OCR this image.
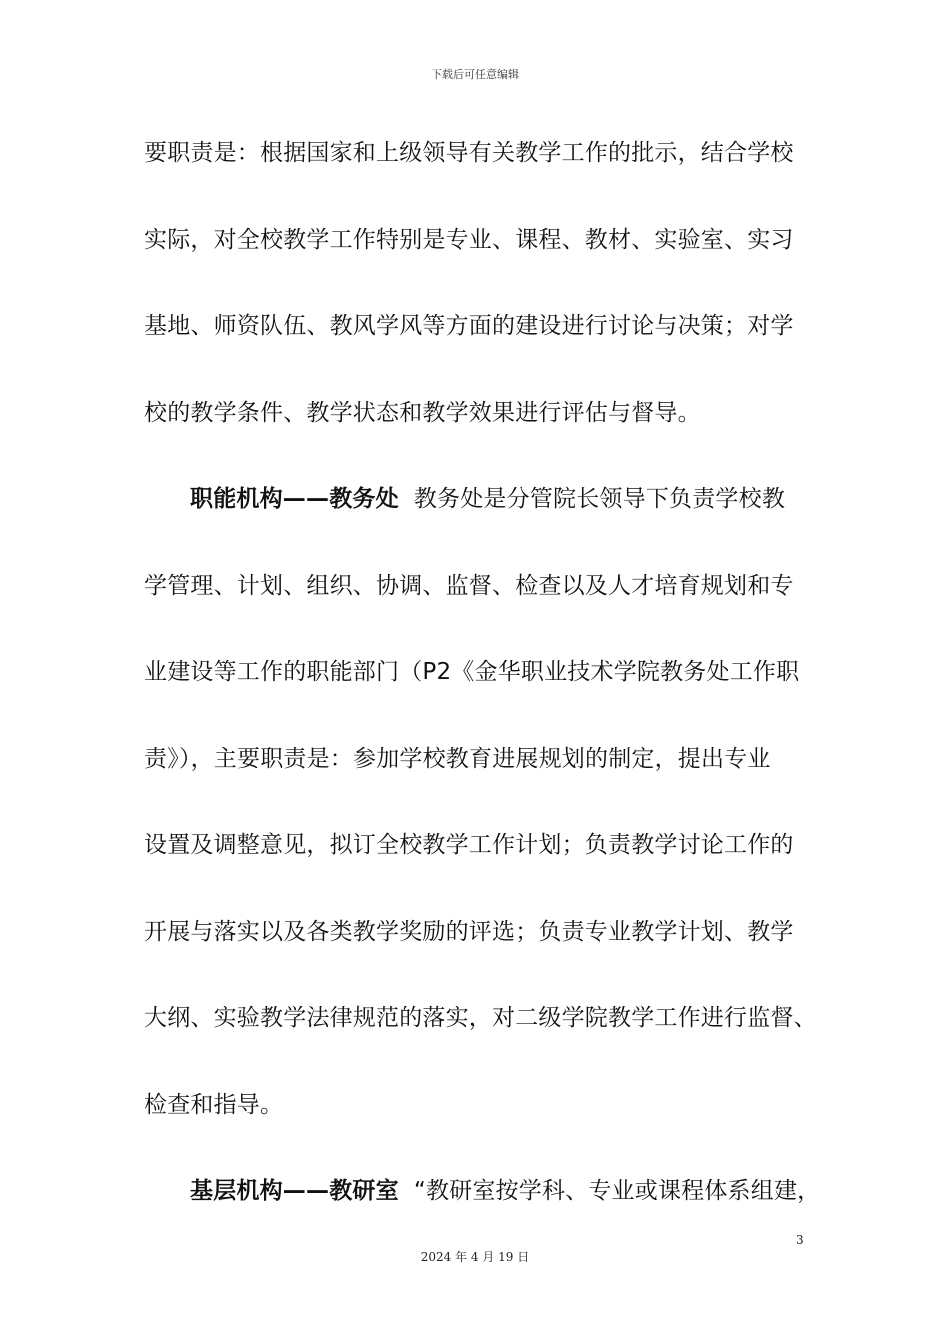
下载后可任意编辑
要职责是：根据国家和上级领导有关教学工作的批示，结合学校
实际，对全校教学工作特别是专业、课程、教材、实验室、实习
基地、师资队伍、教风学风等方面的建设进行讨论与决策；对学
校的教学条件、教学状态和教学效果进行评估与督导。
职能机构——教务处  教务处是分管院长领导下负责学校教
学管理、计划、组织、协调、监督、检查以及人才培育规划和专
业建设等工作的职能部门（P2《金华职业技术学院教务处工作职
责》），主要职责是：参加学校教育进展规划的制定，提出专业
设置及调整意见，拟订全校教学工作计划；负责教学讨论工作的
开展与落实以及各类教学奖励的评选；负责专业教学计划、教学
大纲、实验教学法律规范的落实，对二级学院教学工作进行监督、
检查和指导。
基层机构——教研室  “教研室按学科、专业或课程体系组建，
3
2024 年 4 月 19 日
